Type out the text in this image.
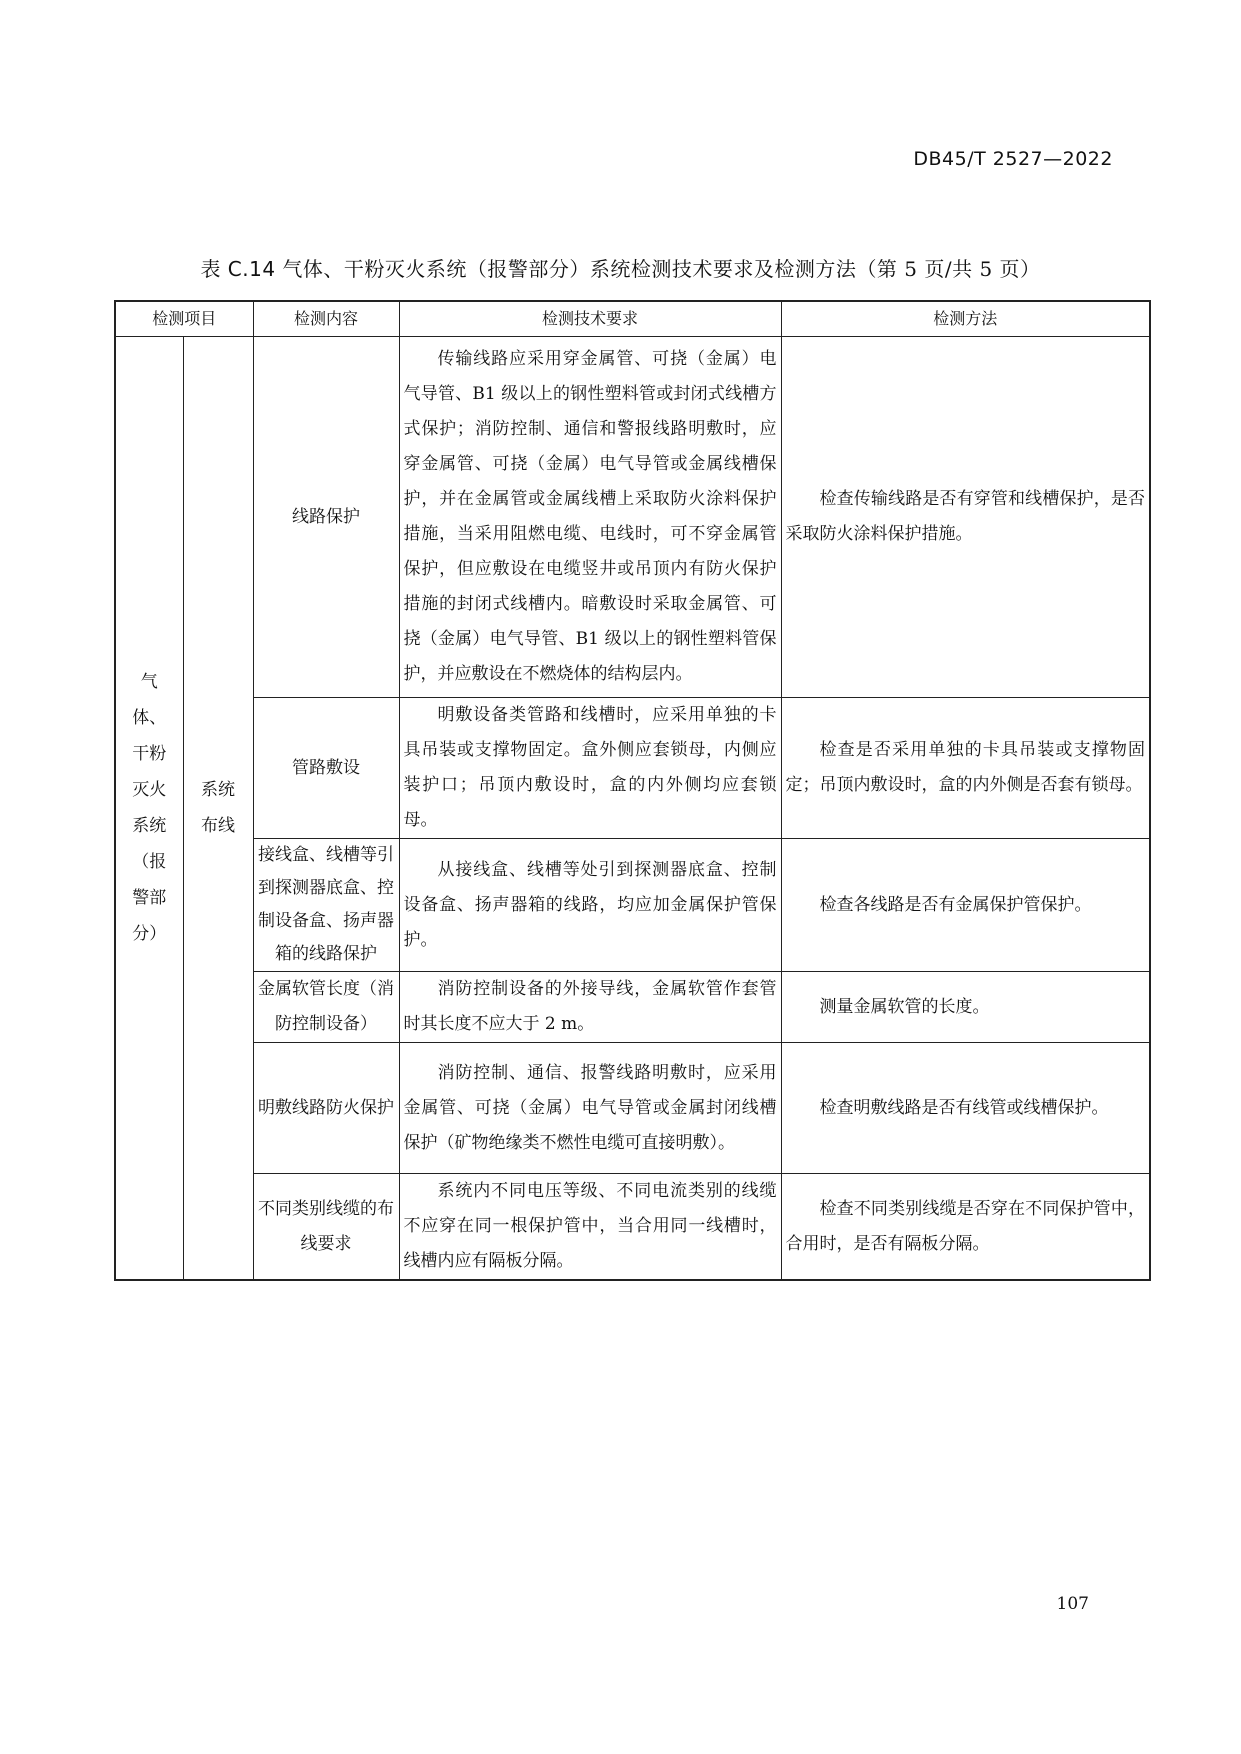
DB45/T 2527—2022
表 C.14 气体、干粉灭火系统（报警部分）系统检测技术要求及检测方法（第 5 页/共 5 页）
检测项目		检测内容	检测技术要求	检测方法
气体、干粉灭火系统（报警部分）	系统布线	线路保护	传输线路应采用穿金属管、可挠（金属）电气导管、B1 级以上的钢性塑料管或封闭式线槽方式保护；消防控制、通信和警报线路明敷时，应穿金属管、可挠（金属）电气导管或金属线槽保护，并在金属管或金属线槽上采取防火涂料保护措施，当采用阻燃电缆、电线时，可不穿金属管保护，但应敷设在电缆竖井或吊顶内有防火保护措施的封闭式线槽内。暗敷设时采取金属管、可挠（金属）电气导管、B1 级以上的钢性塑料管保护，并应敷设在不燃烧体的结构层内。	检查传输线路是否有穿管和线槽保护，是否采取防火涂料保护措施。
		管路敷设	明敷设备类管路和线槽时，应采用单独的卡具吊装或支撑物固定。盒外侧应套锁母，内侧应装护口；吊顶内敷设时，盒的内外侧均应套锁母。	检查是否采用单独的卡具吊装或支撑物固定；吊顶内敷设时，盒的内外侧是否套有锁母。
		接线盒、线槽等引到探测器底盒、控制设备盒、扬声器箱的线路保护	从接线盒、线槽等处引到探测器底盒、控制设备盒、扬声器箱的线路，均应加金属保护管保护。	检查各线路是否有金属保护管保护。
		金属软管长度（消防控制设备）	消防控制设备的外接导线，金属软管作套管时其长度不应大于 2 m。	测量金属软管的长度。
		明敷线路防火保护	消防控制、通信、报警线路明敷时，应采用金属管、可挠（金属）电气导管或金属封闭线槽保护（矿物绝缘类不燃性电缆可直接明敷）。	检查明敷线路是否有线管或线槽保护。
		不同类别线缆的布线要求	系统内不同电压等级、不同电流类别的线缆不应穿在同一根保护管中，当合用同一线槽时，线槽内应有隔板分隔。	检查不同类别线缆是否穿在不同保护管中，合用时，是否有隔板分隔。
107
